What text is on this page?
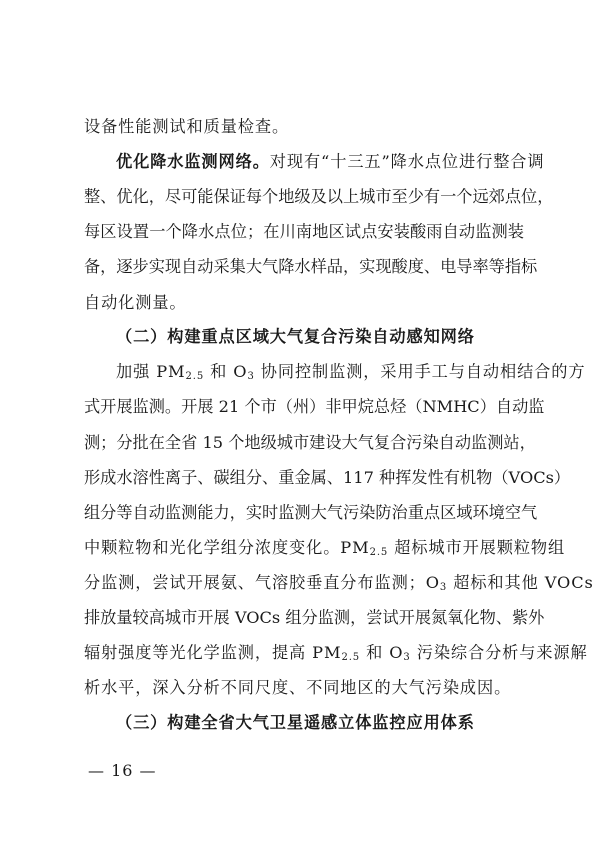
设备性能测试和质量检查。
优化降水监测网络。对现有“十三五”降水点位进行整合调
整、优化，尽可能保证每个地级及以上城市至少有一个远郊点位，
每区设置一个降水点位；在川南地区试点安装酸雨自动监测装
备，逐步实现自动采集大气降水样品，实现酸度、电导率等指标
自动化测量。
（二）构建重点区域大气复合污染自动感知网络
加强 $PM_{2.5}$ 和 $O_3$ 协同控制监测，采用手工与自动相结合的方
式开展监测。开展 21 个市（州）非甲烷总烃（NMHC）自动监
测；分批在全省 15 个地级城市建设大气复合污染自动监测站，
形成水溶性离子、碳组分、重金属、117 种挥发性有机物（VOCs）
组分等自动监测能力，实时监测大气污染防治重点区域环境空气
中颗粒物和光化学组分浓度变化。$PM_{2.5}$ 超标城市开展颗粒物组
分监测，尝试开展氨、气溶胶垂直分布监测；$O_3$ 超标和其他 VOCs
排放量较高城市开展 VOCs 组分监测，尝试开展氮氧化物、紫外
辐射强度等光化学监测，提高 $PM_{2.5}$ 和 $O_3$ 污染综合分析与来源解
析水平，深入分析不同尺度、不同地区的大气污染成因。
（三）构建全省大气卫星遥感立体监控应用体系
— 16 —
